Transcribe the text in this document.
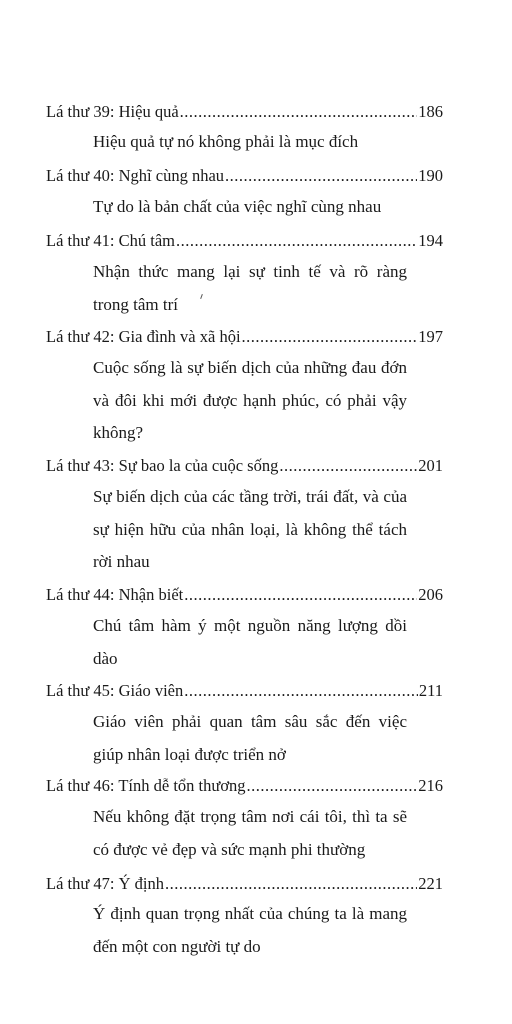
Lá thư 39: Hiệu quả .....	186
Hiệu quả tự nó không phải là mục đích
Lá thư 40: Nghĩ cùng nhau .....	190
Tự do là bản chất của việc nghĩ cùng nhau
Lá thư 41: Chú tâm .....	194
Nhận thức mang lại sự tinh tế và rõ ràng trong tâm trí
Lá thư 42: Gia đình và xã hội .....	197
Cuộc sống là sự biến dịch của những đau đớn và đôi khi mới được hạnh phúc, có phải vậy không?
Lá thư 43: Sự bao la của cuộc sống .....	201
Sự biến dịch của các tầng trời, trái đất, và của sự hiện hữu của nhân loại, là không thể tách rời nhau
Lá thư 44: Nhận biết .....	206
Chú tâm hàm ý một nguồn năng lượng dồi dào
Lá thư 45: Giáo viên .....	211
Giáo viên phải quan tâm sâu sắc đến việc giúp nhân loại được triển nở
Lá thư 46: Tính dễ tổn thương .....	216
Nếu không đặt trọng tâm nơi cái tôi, thì ta sẽ có được vẻ đẹp và sức mạnh phi thường
Lá thư 47: Ý định .....	221
Ý định quan trọng nhất của chúng ta là mang đến một con người tự do
